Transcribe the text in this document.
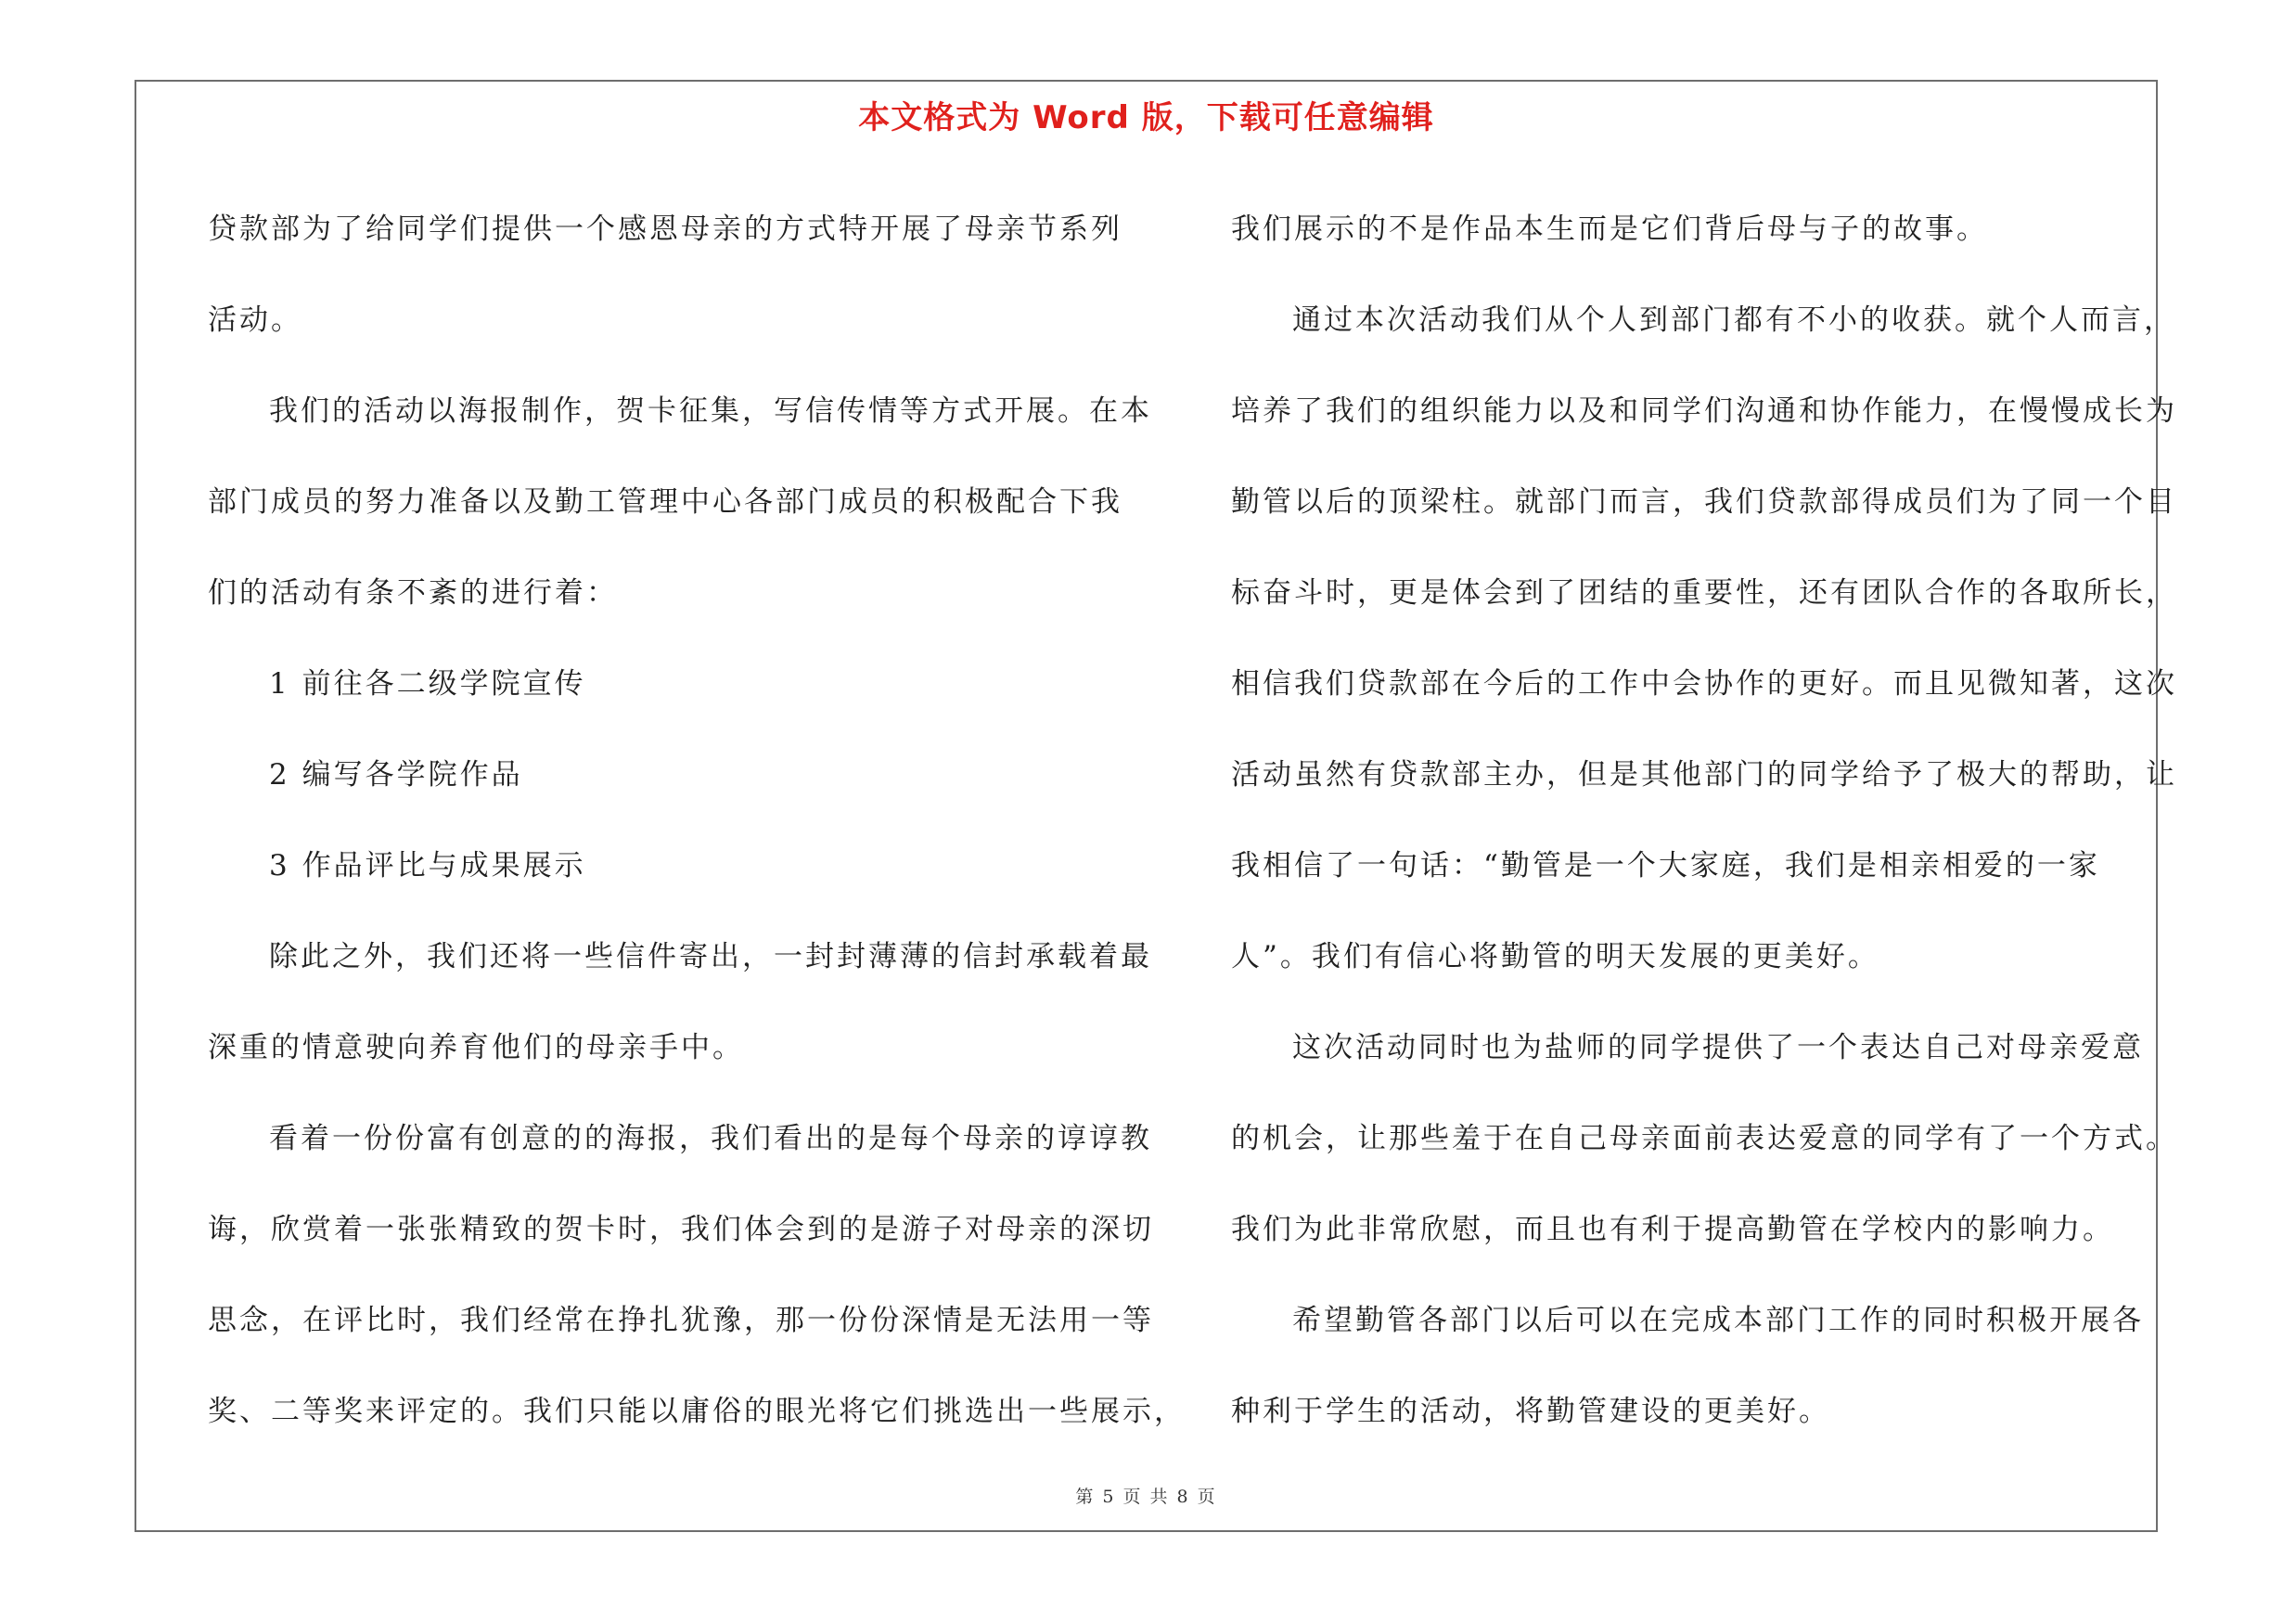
本文格式为 Word 版，下载可任意编辑
贷款部为了给同学们提供一个感恩母亲的方式特开展了母亲节系列
活动。
我们的活动以海报制作，贺卡征集，写信传情等方式开展。在本
部门成员的努力准备以及勤工管理中心各部门成员的积极配合下我
们的活动有条不紊的进行着：
1 前往各二级学院宣传
2 编写各学院作品
3 作品评比与成果展示
除此之外，我们还将一些信件寄出，一封封薄薄的信封承载着最
深重的情意驶向养育他们的母亲手中。
看着一份份富有创意的的海报，我们看出的是每个母亲的谆谆教
诲，欣赏着一张张精致的贺卡时，我们体会到的是游子对母亲的深切
思念，在评比时，我们经常在挣扎犹豫，那一份份深情是无法用一等
奖、二等奖来评定的。我们只能以庸俗的眼光将它们挑选出一些展示，
我们展示的不是作品本生而是它们背后母与子的故事。
通过本次活动我们从个人到部门都有不小的收获。就个人而言，
培养了我们的组织能力以及和同学们沟通和协作能力，在慢慢成长为
勤管以后的顶梁柱。就部门而言，我们贷款部得成员们为了同一个目
标奋斗时，更是体会到了团结的重要性，还有团队合作的各取所长，
相信我们贷款部在今后的工作中会协作的更好。而且见微知著，这次
活动虽然有贷款部主办，但是其他部门的同学给予了极大的帮助，让
我相信了一句话：“勤管是一个大家庭，我们是相亲相爱的一家
人”。我们有信心将勤管的明天发展的更美好。
这次活动同时也为盐师的同学提供了一个表达自己对母亲爱意
的机会，让那些羞于在自己母亲面前表达爱意的同学有了一个方式。
我们为此非常欣慰，而且也有利于提高勤管在学校内的影响力。
希望勤管各部门以后可以在完成本部门工作的同时积极开展各
种利于学生的活动，将勤管建设的更美好。
第 5 页 共 8 页
